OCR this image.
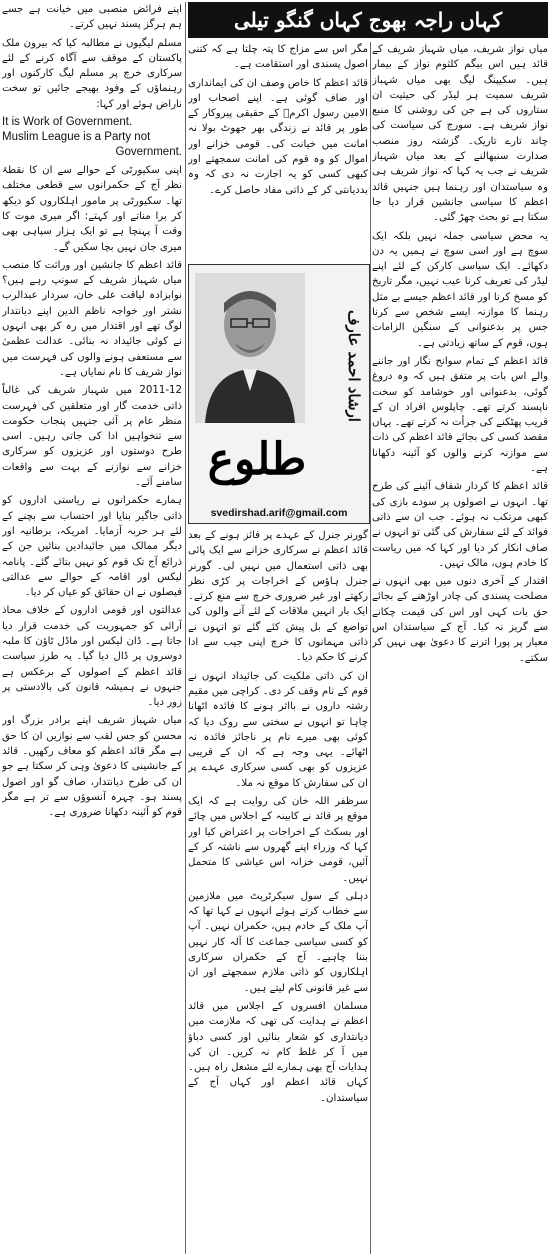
کہاں راجہ بھوج کہاں گنگو تیلی

میاں نواز شریف، میاں شہباز شریف کے قائد ہیں اس بیگم کلثوم نواز کے بیمار ہیں۔ سکیپنگ لیگ بھی میاں شہباز شریف سمیت ہر لیڈر کی حیثیت ان ستاروں کی ہے جن کی روشنی کا منبع نواز شریف ہے۔ سورج کی سیاست کی چاند تارے تاریک۔ گزشتہ روز منصب صدارت سنبھالنے کے بعد میاں شہباز شریف نے جب یہ کہا کہ نواز شریف ہی وہ سیاستدان اور رہنما ہیں جنہیں قائد اعظم کا سیاسی جانشین قرار دیا جا سکتا ہے تو بحث چھڑ گئی۔

یہ محض سیاسی جملہ نہیں بلکہ ایک سوچ ہے اور اسی سوچ نے ہمیں یہ دن دکھائے۔ ایک سیاسی کارکن کے لئے اپنے لیڈر کی تعریف کرنا عیب نہیں، مگر تاریخ کو مسخ کرنا اور قائد اعظم جیسے بے مثل رہنما کا موازنہ ایسے شخص سے کرنا جس پر بدعنوانی کے سنگین الزامات ہوں، قوم کے ساتھ زیادتی ہے۔

قائد اعظم کے تمام سوانح نگار اور جاننے والے اس بات پر متفق ہیں کہ وہ دروغ گوئی، بدعنوانی اور خوشامد کو سخت ناپسند کرتے تھے۔ چاپلوس افراد ان کے قریب پھٹکنے کی جرأت نہ کرتے تھے۔ یہاں مقصد کسی کی بجائے قائد اعظم کی ذات سے موازنہ کرنے والوں کو آئینہ دکھانا ہے۔

قائد اعظم کا کردار شفاف آئینے کی طرح تھا۔ انہوں نے اصولوں پر سودے بازی کی کبھی مرتکب نہ ہوئے۔ جب ان سے ذاتی فوائد کے لئے سفارش کی گئی تو انہوں نے صاف انکار کر دیا اور کہا کہ میں ریاست کا خادم ہوں، مالک نہیں۔

اقتدار کے آخری دنوں میں بھی انہوں نے مصلحت پسندی کی چادر اوڑھنے کے بجائے حق بات کہی اور اس کی قیمت چکانے سے گریز نہ کیا۔ آج کے سیاستدان اس معیار پر پورا اترنے کا دعویٰ بھی نہیں کر سکتے۔

مگر اس سے مزاج کا پتہ چلتا ہے کہ کتنی اصول پسندی اور استقامت ہے۔

قائد اعظم کا خاص وصف ان کی ایمانداری اور صاف گوئی ہے۔ اپنے اصحاب اور الامین رسول اکرمؐ کے حقیقی پیروکار کے طور پر قائد نے زندگی بھر جھوٹ بولا نہ امانت میں خیانت کی۔ قومی خزانے اور اموال کو وہ قوم کی امانت سمجھتے اور کبھی کسی کو یہ اجازت نہ دی کہ وہ بددیانتی کر کے ذاتی مفاد حاصل کرے۔

گورنر جنرل کے عہدے پر فائز ہونے کے بعد قائد اعظم نے سرکاری خزانے سے ایک پائی بھی ذاتی استعمال میں نہیں لی۔ گورنر جنرل ہاؤس کے اخراجات پر کڑی نظر رکھتے اور غیر ضروری خرچ سے منع کرتے۔ ایک بار انہیں ملاقات کے لئے آنے والوں کی تواضع کے بل پیش کئے گئے تو انہوں نے ذاتی مہمانوں کا خرچ اپنی جیب سے ادا کرنے کا حکم دیا۔

ان کی ذاتی ملکیت کی جائیداد انہوں نے قوم کے نام وقف کر دی۔ کراچی میں مقیم رشتہ داروں نے بااثر ہونے کا فائدہ اٹھانا چاہا تو انہوں نے سختی سے روک دیا کہ کوئی بھی میرے نام پر ناجائز فائدہ نہ اٹھائے۔ یہی وجہ ہے کہ ان کے قریبی عزیزوں کو بھی کسی سرکاری عہدے پر ان کی سفارش کا موقع نہ ملا۔

سرظفر اللہ خان کی روایت ہے کہ ایک موقع پر قائد نے کابینہ کے اجلاس میں چائے اور بسکٹ کے اخراجات پر اعتراض کیا اور کہا کہ وزراء اپنے گھروں سے ناشتہ کر کے آئیں، قومی خزانہ اس عیاشی کا متحمل نہیں۔

دہلی کے سول سیکرٹریٹ میں ملازمین سے خطاب کرتے ہوئے انہوں نے کہا تھا کہ آپ ملک کے خادم ہیں، حکمران نہیں۔ آپ کو کسی سیاسی جماعت کا آلہ کار نہیں بننا چاہیے۔ آج کے حکمران سرکاری اہلکاروں کو ذاتی ملازم سمجھتے اور ان سے غیر قانونی کام لیتے ہیں۔

مسلمان افسروں کے اجلاس میں قائد اعظم نے ہدایت کی تھی کہ ملازمت میں دیانتداری کو شعار بنائیں اور کسی دباؤ میں آ کر غلط کام نہ کریں۔ ان کی ہدایات آج بھی ہمارے لئے مشعل راہ ہیں۔ کہاں قائد اعظم اور کہاں آج کے سیاستدان۔

ارشاد احمد عارف
طلوع
svedirshad.arif@gmail.com

اپنے فرائض منصبی میں خیانت ہے جسے ہم ہرگز پسند نہیں کرتے۔

مسلم لیگیوں نے مطالبہ کیا کہ بیرون ملک پاکستان کے موقف سے آگاہ کرنے کے لئے سرکاری خرچ پر مسلم لیگ کارکنوں اور رہنماؤں کے وفود بھیجے جائیں تو سخت ناراض ہوئے اور کہا:

It is Work of Government.
Muslim League is a Party not

Government.

اپنی سکیورٹی کے حوالے سے ان کا نقطۂ نظر آج کے حکمرانوں سے قطعی مختلف تھا۔ سکیورٹی پر مامور اہلکاروں کو دیکھ کر برا مناتے اور کہتے: اگر میری موت کا وقت آ پہنچا ہے تو ایک ہزار سپاہی بھی میری جان نہیں بچا سکیں گے۔

قائد اعظم کا جانشین اور وراثت کا منصب میاں شہباز شریف کے سونپ رہے ہیں؟ نوابزادہ لیاقت علی خان، سردار عبدالرب نشتر اور خواجہ ناظم الدین اپنے دیانتدار لوگ تھے اور اقتدار میں رہ کر بھی انہوں نے کوئی جائیداد نہ بنائی۔ عدالت عظمیٰ سے مستعفی ہونے والوں کی فہرست میں نواز شریف کا نام نمایاں ہے۔

2011-12 میں شہباز شریف کی غالباً ذاتی خدمت گار اور متعلقین کی فہرست منظر عام پر آئی جنہیں پنجاب حکومت سے تنخواہیں ادا کی جاتی رہیں۔ اسی طرح دوستوں اور عزیزوں کو سرکاری خزانے سے نوازنے کے بہت سے واقعات سامنے آئے۔

ہمارے حکمرانوں نے ریاستی اداروں کو ذاتی جاگیر بنایا اور احتساب سے بچنے کے لئے ہر حربہ آزمایا۔ امریکہ، برطانیہ اور دیگر ممالک میں جائیدادیں بنائیں جن کے ذرائع آج تک قوم کو نہیں بتائے گئے۔ پانامہ لیکس اور اقامہ کے حوالے سے عدالتی فیصلوں نے ان حقائق کو عیاں کر دیا۔

عدالتوں اور قومی اداروں کے خلاف محاذ آرائی کو جمہوریت کی خدمت قرار دیا جاتا ہے۔ ڈان لیکس اور ماڈل ٹاؤن کا ملبہ دوسروں پر ڈال دیا گیا۔ یہ طرز سیاست قائد اعظم کے اصولوں کے برعکس ہے جنہوں نے ہمیشہ قانون کی بالادستی پر زور دیا۔

میاں شہباز شریف اپنے برادر بزرگ اور محسن کو جس لقب سے نوازیں ان کا حق ہے مگر قائد اعظم کو معاف رکھیں۔ قائد کے جانشینی کا دعویٰ وہی کر سکتا ہے جو ان کی طرح دیانتدار، صاف گو اور اصول پسند ہو۔ چہرہ آنسوؤں سے تر ہے مگر قوم کو آئینہ دکھانا ضروری ہے۔
